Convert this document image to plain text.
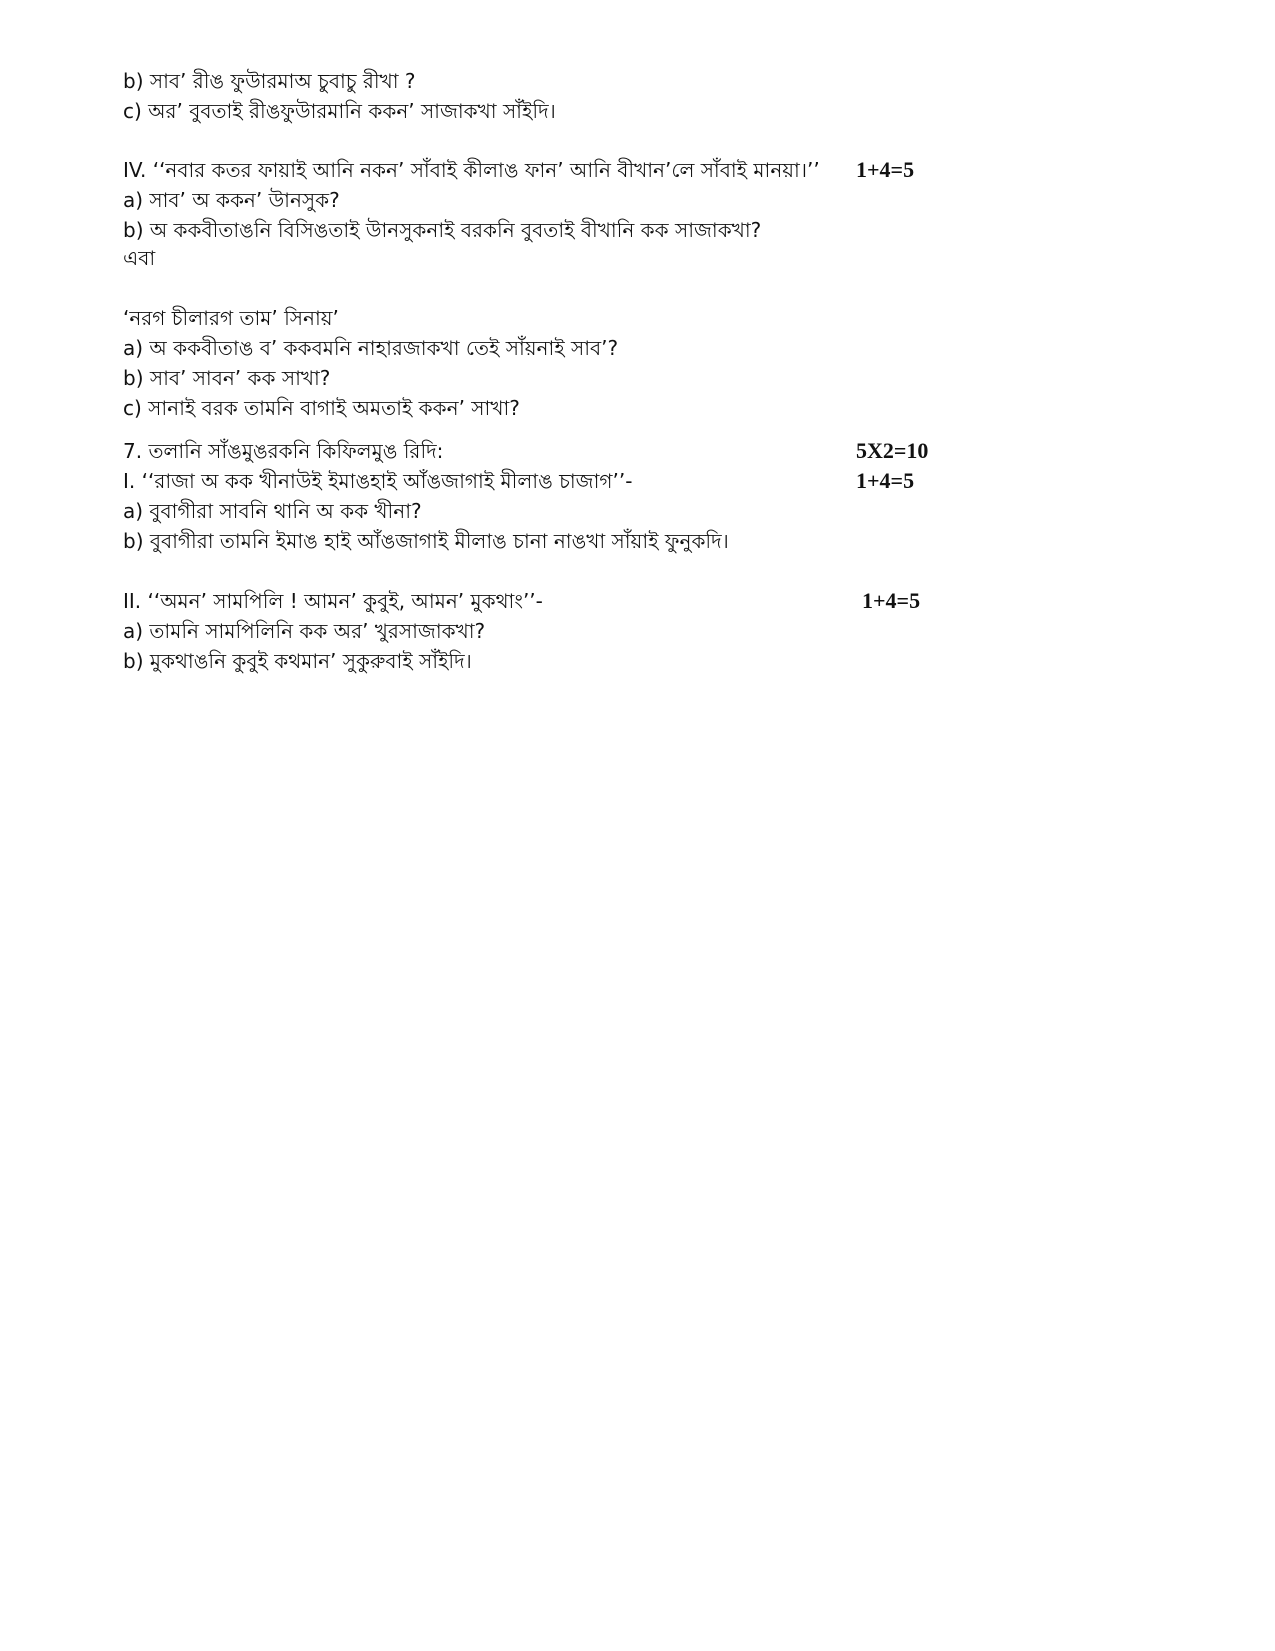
b) সাব’ রীঙ ফুউারমাঅ চুবাচু রীখা ?
c) অর’ বুবতাই রীঙফুউারমানি ককন’ সাজাকখা সাঁইদি।
IV. ‘‘নবার কতর ফায়াই আনি নকন’ সাঁবাই কীলাঙ ফান’ আনি বীখান’লে সাঁবাই মানয়া।’’ 1+4=5
a) সাব’ অ ককন’ উানসুক?
b) অ ককবীতাঙনি বিসিঙতাই উানসুকনাই বরকনি বুবতাই বীখানি কক সাজাকখা?
এবা
‘নরগ চীলারগ তাম’ সিনায়’
a) অ ককবীতাঙ ব’ ককবমনি নাহারজাকখা তেই সাঁয়নাই সাব’?
b) সাব’ সাবন’ কক সাখা?
c) সানাই বরক তামনি বাগাই অমতাই ককন’ সাখা?
7. তলানি সাঁঙমুঙরকনি কিফিলমুঙ রিদি:	5X2=10
I. ‘‘রাজা অ কক খীনাউই ইমাঙহাই আঁঙজাগাই মীলাঙ চাজাগ’’-	1+4=5
a) বুবাগীরা সাবনি থানি অ কক খীনা?
b) বুবাগীরা তামনি ইমাঙ হাই আঁঙজাগাই মীলাঙ চানা নাঙখা সাঁয়াই ফুনুকদি।
II. ‘‘অমন’ সামপিলি ! আমন’ কুবুই, আমন’ মুকথাং’’-	1+4=5
a) তামনি সামপিলিনি কক অর’ খুরসাজাকখা?
b) মুকথাঙনি কুবুই কথমান’ সুকুরুবাই সাঁইদি।
